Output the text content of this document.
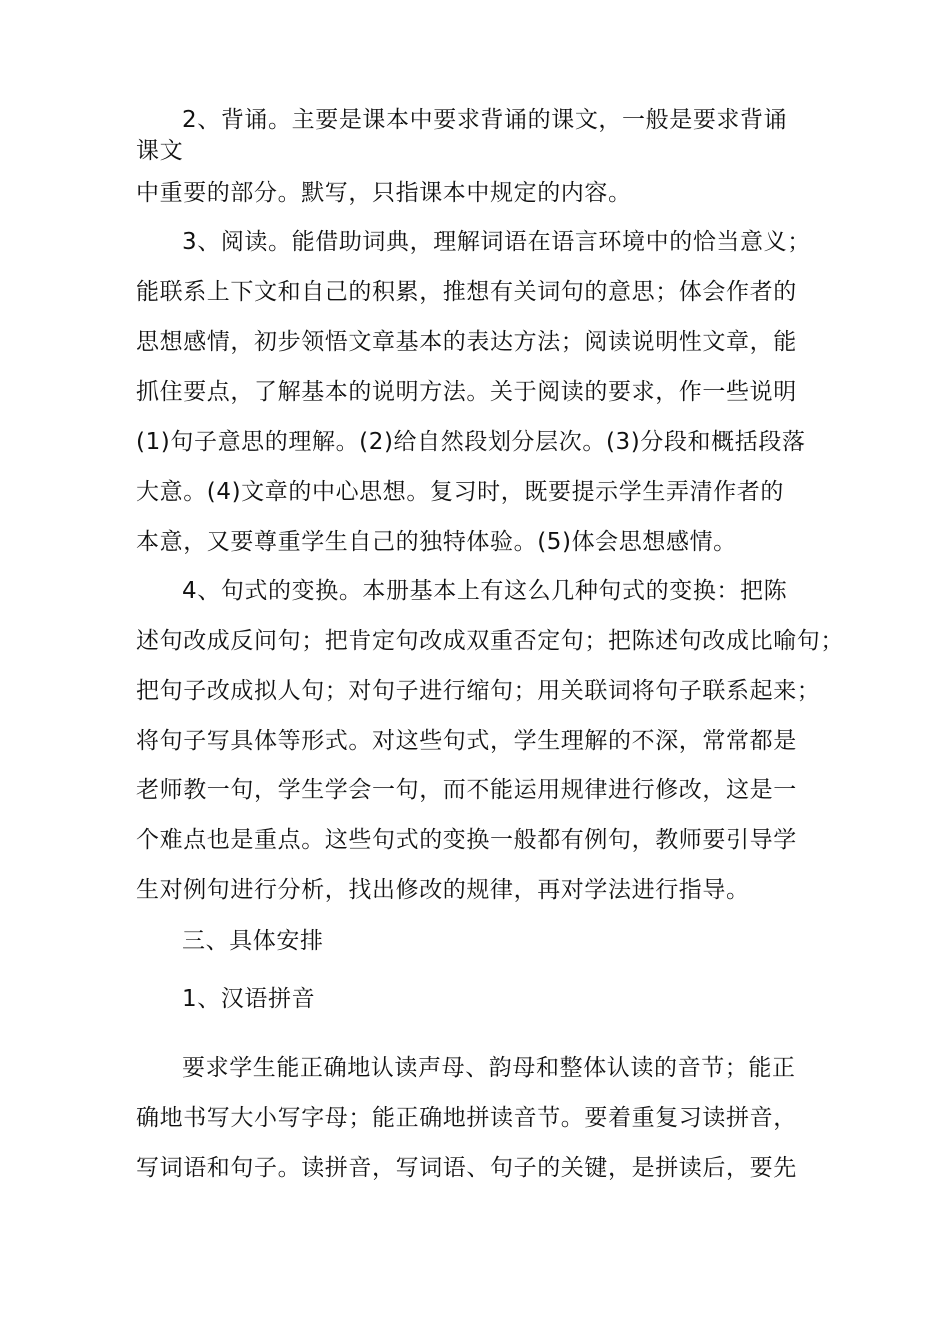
2、背诵。主要是课本中要求背诵的课文，一般是要求背诵
课文
中重要的部分。默写，只指课本中规定的内容。
3、阅读。能借助词典，理解词语在语言环境中的恰当意义；
能联系上下文和自己的积累，推想有关词句的意思；体会作者的
思想感情，初步领悟文章基本的表达方法；阅读说明性文章，能
抓住要点，了解基本的说明方法。关于阅读的要求，作一些说明
(1)句子意思的理解。(2)给自然段划分层次。(3)分段和概括段落
大意。(4)文章的中心思想。复习时，既要提示学生弄清作者的
本意，又要尊重学生自己的独特体验。(5)体会思想感情。
4、句式的变换。本册基本上有这么几种句式的变换：把陈
述句改成反问句；把肯定句改成双重否定句；把陈述句改成比喻句；
把句子改成拟人句；对句子进行缩句；用关联词将句子联系起来；
将句子写具体等形式。对这些句式，学生理解的不深，常常都是
老师教一句，学生学会一句，而不能运用规律进行修改，这是一
个难点也是重点。这些句式的变换一般都有例句，教师要引导学
生对例句进行分析，找出修改的规律，再对学法进行指导。
三、具体安排
1、汉语拼音
要求学生能正确地认读声母、韵母和整体认读的音节；能正
确地书写大小写字母；能正确地拼读音节。要着重复习读拼音，
写词语和句子。读拼音，写词语、句子的关键，是拼读后，要先
